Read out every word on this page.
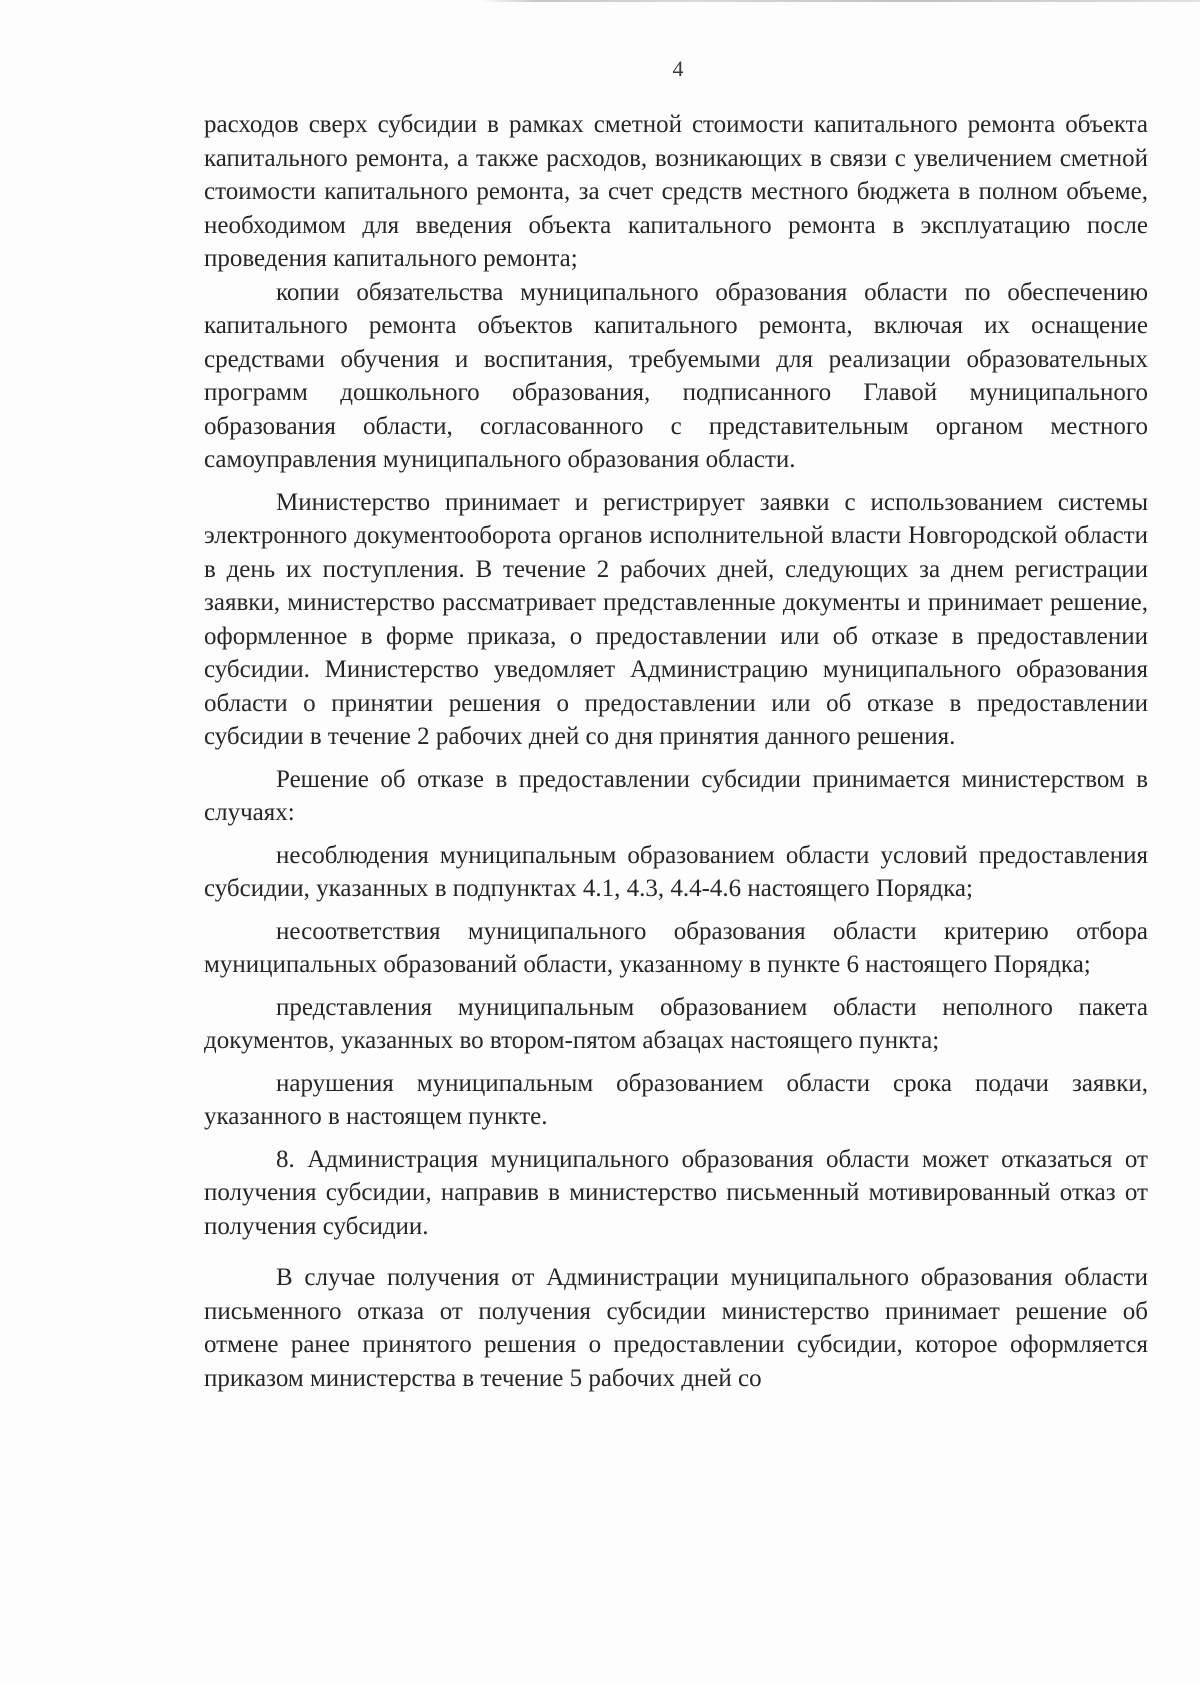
4

расходов сверх субсидии в рамках сметной стоимости капитального ремонта объекта капитального ремонта, а также расходов, возникающих в связи с увеличением сметной стоимости капитального ремонта, за счет средств местного бюджета в полном объеме, необходимом для введения объекта капитального ремонта в эксплуатацию после проведения капитального ремонта;

копии обязательства муниципального образования области по обеспечению капитального ремонта объектов капитального ремонта, включая их оснащение средствами обучения и воспитания, требуемыми для реализации образовательных программ дошкольного образования, подписанного Главой муниципального образования области, согласованного с представительным органом местного самоуправления муниципального образования области.

Министерство принимает и регистрирует заявки с использованием системы электронного документооборота органов исполнительной власти Новгородской области в день их поступления. В течение 2 рабочих дней, следующих за днем регистрации заявки, министерство рассматривает представленные документы и принимает решение, оформленное в форме приказа, о предоставлении или об отказе в предоставлении субсидии. Министерство уведомляет Администрацию муниципального образования области о принятии решения о предоставлении или об отказе в предоставлении субсидии в течение 2 рабочих дней со дня принятия данного решения.

Решение об отказе в предоставлении субсидии принимается министерством в случаях:

несоблюдения муниципальным образованием области условий предоставления субсидии, указанных в подпунктах 4.1, 4.3, 4.4-4.6 настоящего Порядка;

несоответствия муниципального образования области критерию отбора муниципальных образований области, указанному в пункте 6 настоящего Порядка;

представления муниципальным образованием области неполного пакета документов, указанных во втором-пятом абзацах настоящего пункта;

нарушения муниципальным образованием области срока подачи заявки, указанного в настоящем пункте.

8. Администрация муниципального образования области может отказаться от получения субсидии, направив в министерство письменный мотивированный отказ от получения субсидии.

В случае получения от Администрации муниципального образования области письменного отказа от получения субсидии министерство принимает решение об отмене ранее принятого решения о предоставлении субсидии, которое оформляется приказом министерства в течение 5 рабочих дней со
